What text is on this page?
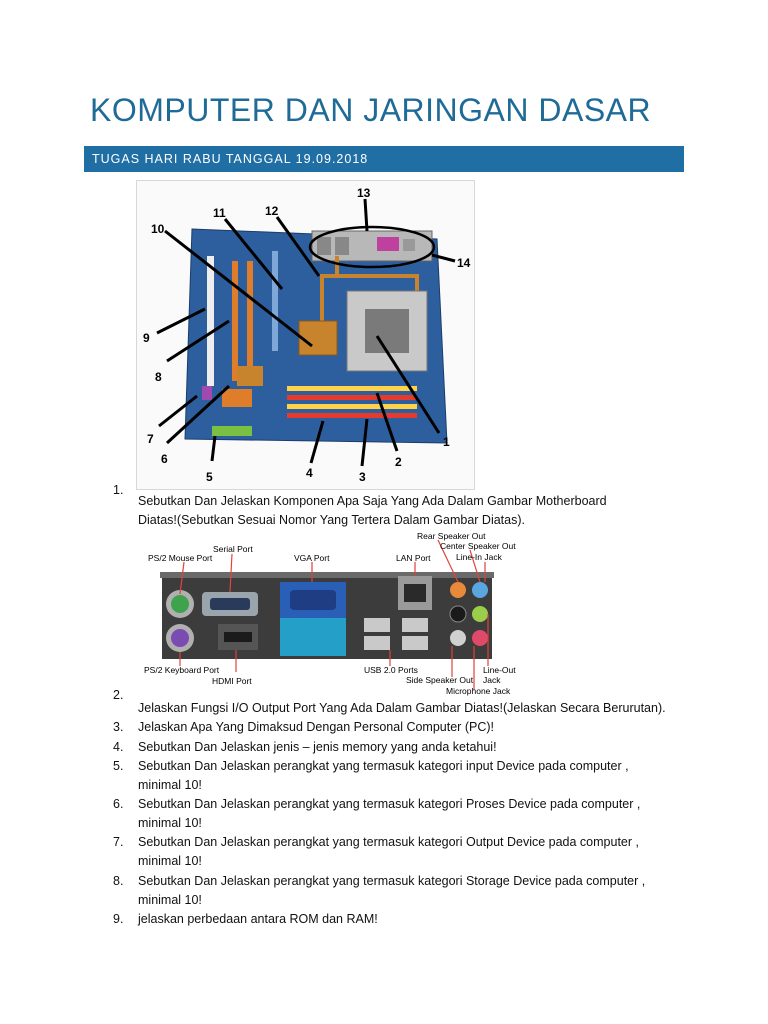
KOMPUTER DAN JARINGAN DASAR
TUGAS HARI RABU TANGGAL 19.09.2018
1
2
3
4
5
6
7
8
9
10
11	12
13
14
PS/2 Mouse Port
Serial Port
VGA Port	LAN Port
Rear Speaker Out
Center Speaker Out
Line-In Jack
PS/2 Keyboard Port
HDMI Port
USB 2.0 Ports
Side Speaker Out
Line-Out
Jack
Microphone Jack
1.
Sebutkan Dan Jelaskan Komponen Apa Saja Yang Ada Dalam Gambar Motherboard
Diatas!(Sebutkan Sesuai Nomor Yang Tertera Dalam Gambar Diatas).
2.
Jelaskan Fungsi I/O Output Port Yang Ada Dalam Gambar Diatas!(Jelaskan Secara Berurutan).
3. Jelaskan Apa Yang Dimaksud Dengan Personal Computer (PC)!
4. Sebutkan Dan Jelaskan jenis – jenis memory yang anda ketahui!
5. Sebutkan Dan Jelaskan perangkat yang termasuk kategori input Device pada computer ,
minimal 10!
6. Sebutkan Dan Jelaskan perangkat yang termasuk kategori Proses Device pada computer ,
minimal 10!
7. Sebutkan Dan Jelaskan perangkat yang termasuk kategori Output Device pada computer ,
minimal 10!
8. Sebutkan Dan Jelaskan perangkat yang termasuk kategori Storage Device pada computer ,
minimal 10!
9. jelaskan perbedaan antara ROM dan RAM!
